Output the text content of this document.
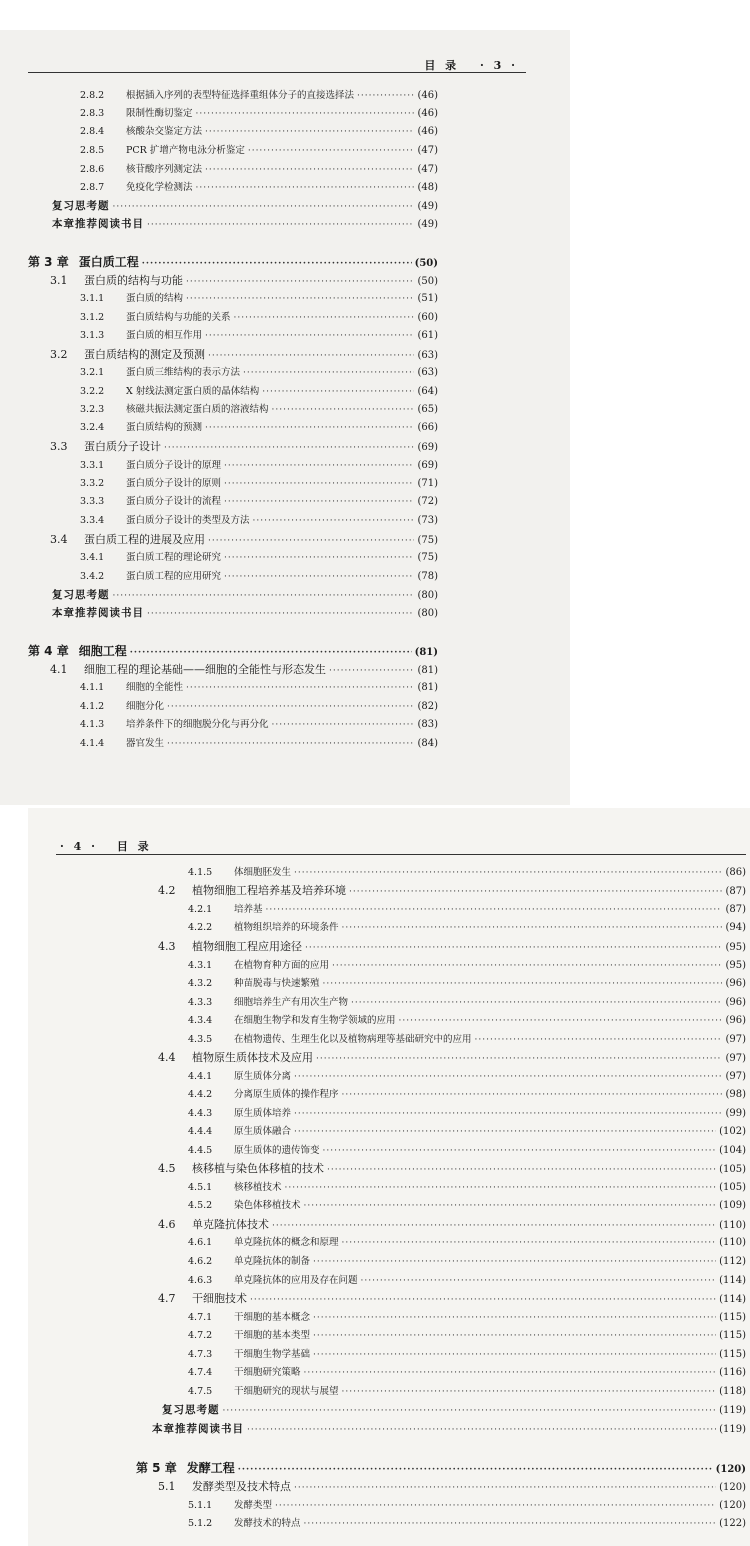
目 录 · 3 ·
2.8.2	根据插入序列的表型特征选择重组体分子的直接选择法 ·····	(46)
2.8.3	限制性酶切鉴定 ·····	(46)
2.8.4	核酸杂交鉴定方法 ·····	(46)
2.8.5	PCR 扩增产物电泳分析鉴定 ·····	(47)
2.8.6	核苷酸序列测定法 ·····	(47)
2.8.7	免疫化学检测法 ·····	(48)
复习思考题 ·····	(49)
本章推荐阅读书目 ·····	(49)
第 3 章 蛋白质工程 ·····	(50)
3.1	蛋白质的结构与功能 ·····	(50)
3.1.1	蛋白质的结构 ·····	(51)
3.1.2	蛋白质结构与功能的关系 ·····	(60)
3.1.3	蛋白质的相互作用 ·····	(61)
3.2	蛋白质结构的测定及预测 ·····	(63)
3.2.1	蛋白质三维结构的表示方法 ·····	(63)
3.2.2	X 射线法测定蛋白质的晶体结构 ·····	(64)
3.2.3	核磁共振法测定蛋白质的溶液结构 ·····	(65)
3.2.4	蛋白质结构的预测 ·····	(66)
3.3	蛋白质分子设计 ·····	(69)
3.3.1	蛋白质分子设计的原理 ·····	(69)
3.3.2	蛋白质分子设计的原则 ·····	(71)
3.3.3	蛋白质分子设计的流程 ·····	(72)
3.3.4	蛋白质分子设计的类型及方法 ·····	(73)
3.4	蛋白质工程的进展及应用 ·····	(75)
3.4.1	蛋白质工程的理论研究 ·····	(75)
3.4.2	蛋白质工程的应用研究 ·····	(78)
复习思考题 ·····	(80)
本章推荐阅读书目 ·····	(80)
第 4 章 细胞工程 ·····	(81)
4.1	细胞工程的理论基础——细胞的全能性与形态发生 ·····	(81)
4.1.1	细胞的全能性 ·····	(81)
4.1.2	细胞分化 ·····	(82)
4.1.3	培养条件下的细胞脱分化与再分化 ·····	(83)
4.1.4	器官发生 ·····	(84)
· 4 · 目 录
4.1.5	体细胞胚发生 ·····	(86)
4.2	植物细胞工程培养基及培养环境 ·····	(87)
4.2.1	培养基 ·····	(87)
4.2.2	植物组织培养的环境条件 ·····	(94)
4.3	植物细胞工程应用途径 ·····	(95)
4.3.1	在植物育种方面的应用 ·····	(95)
4.3.2	种苗脱毒与快速繁殖 ·····	(96)
4.3.3	细胞培养生产有用次生产物 ·····	(96)
4.3.4	在细胞生物学和发育生物学领域的应用 ·····	(96)
4.3.5	在植物遗传、生理生化以及植物病理等基础研究中的应用 ·····	(97)
4.4	植物原生质体技术及应用 ·····	(97)
4.4.1	原生质体分离 ·····	(97)
4.4.2	分离原生质体的操作程序 ·····	(98)
4.4.3	原生质体培养 ·····	(99)
4.4.4	原生质体融合 ·····	(102)
4.4.5	原生质体的遗传饰变 ·····	(104)
4.5	核移植与染色体移植的技术 ·····	(105)
4.5.1	核移植技术 ·····	(105)
4.5.2	染色体移植技术 ·····	(109)
4.6	单克隆抗体技术 ·····	(110)
4.6.1	单克隆抗体的概念和原理 ·····	(110)
4.6.2	单克隆抗体的制备 ·····	(112)
4.6.3	单克隆抗体的应用及存在问题 ·····	(114)
4.7	干细胞技术 ·····	(114)
4.7.1	干细胞的基本概念 ·····	(115)
4.7.2	干细胞的基本类型 ·····	(115)
4.7.3	干细胞生物学基础 ·····	(115)
4.7.4	干细胞研究策略 ·····	(116)
4.7.5	干细胞研究的现状与展望 ·····	(118)
复习思考题 ·····	(119)
本章推荐阅读书目 ·····	(119)
第 5 章 发酵工程 ·····	(120)
5.1	发酵类型及技术特点 ·····	(120)
5.1.1	发酵类型 ·····	(120)
5.1.2	发酵技术的特点 ·····	(122)
